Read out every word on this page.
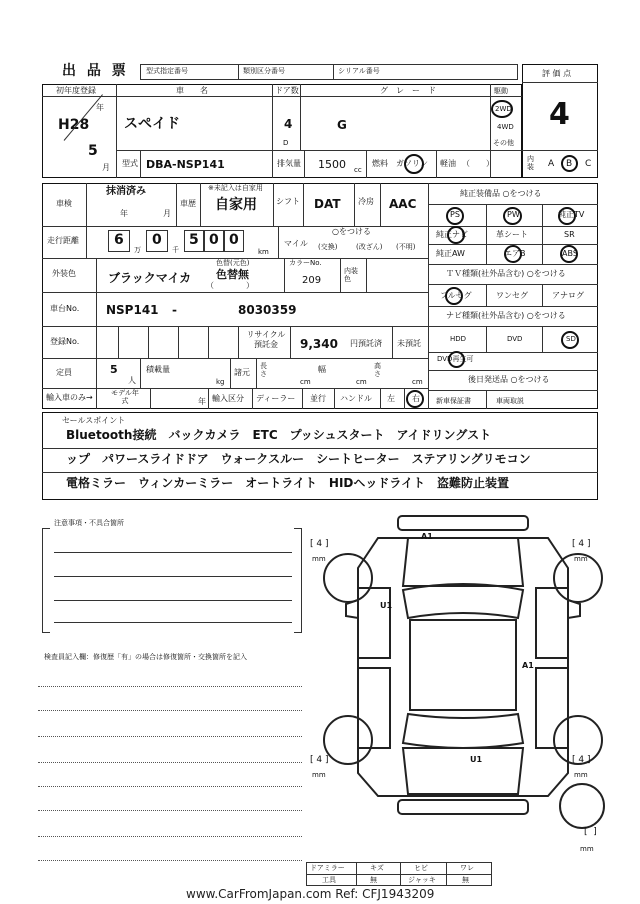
出 品 票 型式指定番号	類別区分番号	シリアル番号	評 価 点
4
初年度登録
年
H28
5
月
車　　名
スペイド
ドア数
4
D
グ　レ　ー　ド
G
駆動
2WD
4WD
その他
型式 DBA-NSP141	排気量 1500 cc
燃料 ガソリン 軽油 （　　）	内装 A B C
車検
抹消済み
年	月
※未記入は自家用
車歴 自家用 シフト DAT 冷房 AAC
走行距離	6 0 5 0 0
万	千	km
マイル
○をつける
(交換)	(改ざん) (不明)
外装色	ブラックマイカ
色替(元色)
色替無
（　　　　）
カラーNo.
209
内装色
車台No. NSP141 -	8030359
登録No.
リサイクル預託金	9,340 円預託済 未預託
定員	5
人
積載量
kg
諸元
長さ
cm
幅
cm
高さ
cm
輸入車のみ→	モデル年式	年 輸入区分 ディーラー 並行 ハンドル 左 右
純正装備品 ○をつける
PS	PW	純正TV
純正ナビ	革シート	SR
純正AW	エアB	ABS
ＴＶ種類(社外品含む) ○をつける
フルセグ	ワンセグ	アナログ
ナビ種類(社外品含む) ○をつける
HDD	DVD	SD
DVD再生可
後日発送品 ○をつける
新車保証書	車両取説
セールスポイント
Bluetooth接続　バックカメラ　ETC　プッシュスタート　アイドリングスト
ップ　パワースライドドア　ウォークスルー　シートヒーター　ステアリングリモコン
電格ミラー　ウィンカーミラー　オートライト　HIDヘッドライト　盗難防止装置
注意事項・不具合箇所
検査員記入欄：修復歴「有」の場合は修復箇所・交換箇所を記入
A1
U1
A1
U1
[ 4 ]
mm
[ 4 ]
mm
[ 4 ]
mm
[ 4 ]
mm
[  ]
mm
ドアミラー	キズ	ヒビ	ワレ
工具	無	ジャッキ	無
www.CarFromJapan.com Ref: CFJ1943209
